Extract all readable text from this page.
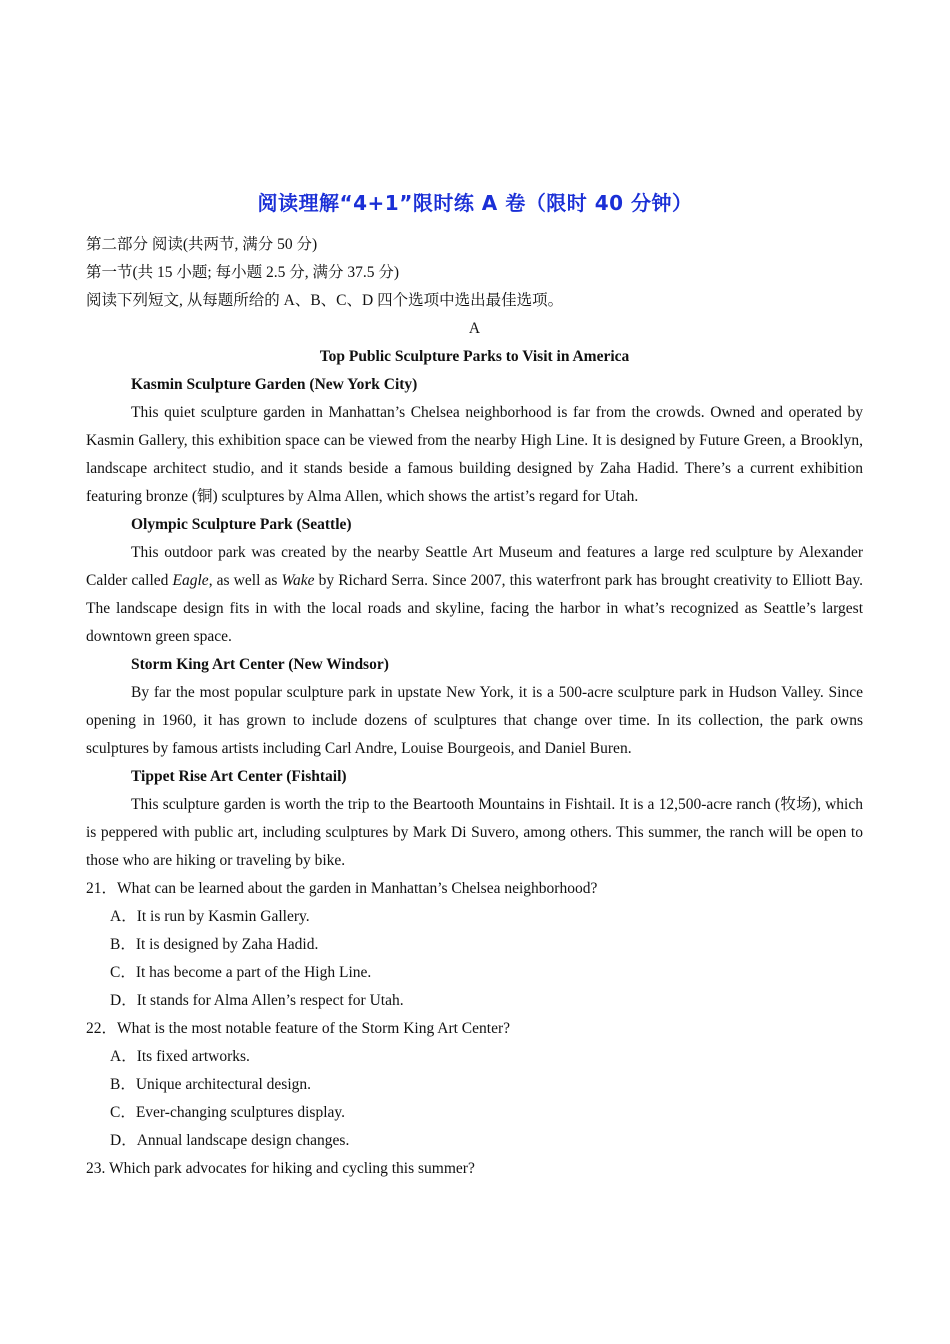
阅读理解“4+1”限时练 A 卷（限时 40 分钟）

第二部分 阅读(共两节, 满分 50 分)

第一节(共 15 小题; 每小题 2.5 分, 满分 37.5 分)

阅读下列短文, 从每题所给的 A、B、C、D 四个选项中选出最佳选项。

A

Top Public Sculpture Parks to Visit in America

Kasmin Sculpture Garden (New York City)

This quiet sculpture garden in Manhattan’s Chelsea neighborhood is far from the crowds. Owned and operated by Kasmin Gallery, this exhibition space can be viewed from the nearby High Line. It is designed by Future Green, a Brooklyn, landscape architect studio, and it stands beside a famous building designed by Zaha Hadid. There’s a current exhibition featuring bronze (铜) sculptures by Alma Allen, which shows the artist’s regard for Utah.

Olympic Sculpture Park (Seattle)

This outdoor park was created by the nearby Seattle Art Museum and features a large red sculpture by Alexander Calder called Eagle, as well as Wake by Richard Serra. Since 2007, this waterfront park has brought creativity to Elliott Bay. The landscape design fits in with the local roads and skyline, facing the harbor in what’s recognized as Seattle’s largest downtown green space.

Storm King Art Center (New Windsor)

By far the most popular sculpture park in upstate New York, it is a 500-acre sculpture park in Hudson Valley. Since opening in 1960, it has grown to include dozens of sculptures that change over time. In its collection, the park owns sculptures by famous artists including Carl Andre, Louise Bourgeois, and Daniel Buren.

Tippet Rise Art Center (Fishtail)

This sculpture garden is worth the trip to the Beartooth Mountains in Fishtail. It is a 12,500-acre ranch (牧场), which is peppered with public art, including sculptures by Mark Di Suvero, among others. This summer, the ranch will be open to those who are hiking or traveling by bike.

21．What can be learned about the garden in Manhattan’s Chelsea neighborhood?

A．It is run by Kasmin Gallery.

B．It is designed by Zaha Hadid.

C．It has become a part of the High Line.

D．It stands for Alma Allen’s respect for Utah.

22．What is the most notable feature of the Storm King Art Center?

A．Its fixed artworks.

B．Unique architectural design.

C．Ever-changing sculptures display.

D．Annual landscape design changes.

23. Which park advocates for hiking and cycling this summer?
